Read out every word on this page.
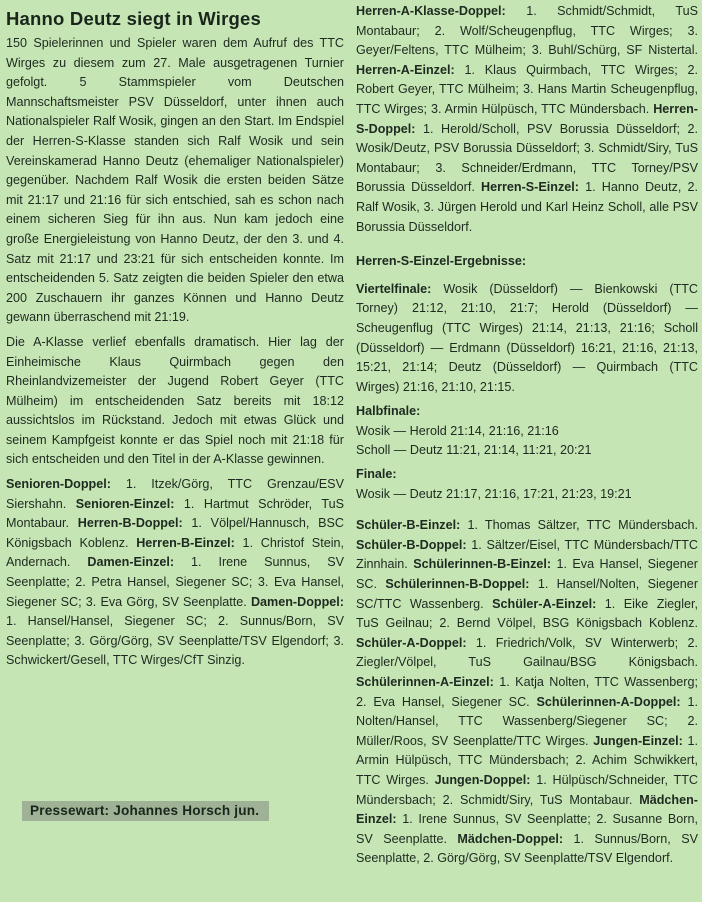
Hanno Deutz siegt in Wirges

150 Spielerinnen und Spieler waren dem Aufruf des TTC Wirges zu diesem zum 27. Male ausgetragenen Turnier gefolgt. 5 Stammspieler vom Deutschen Mannschaftsmeister PSV Düsseldorf, unter ihnen auch Nationalspieler Ralf Wosik, gingen an den Start. Im Endspiel der Herren-S-Klasse standen sich Ralf Wosik und sein Vereinskamerad Hanno Deutz (ehemaliger Nationalspieler) gegenüber. Nachdem Ralf Wosik die ersten beiden Sätze mit 21:17 und 21:16 für sich entschied, sah es schon nach einem sicheren Sieg für ihn aus. Nun kam jedoch eine große Energieleistung von Hanno Deutz, der den 3. und 4. Satz mit 21:17 und 23:21 für sich entscheiden konnte. Im entscheidenden 5. Satz zeigten die beiden Spieler den etwa 200 Zuschauern ihr ganzes Können und Hanno Deutz gewann überraschend mit 21:19.

Die A-Klasse verlief ebenfalls dramatisch. Hier lag der Einheimische Klaus Quirmbach gegen den Rheinlandvizemeister der Jugend Robert Geyer (TTC Mülheim) im entscheidenden Satz bereits mit 18:12 aussichtslos im Rückstand. Jedoch mit etwas Glück und seinem Kampfgeist konnte er das Spiel noch mit 21:18 für sich entscheiden und den Titel in der A-Klasse gewinnen.

Senioren-Doppel: 1. Itzek/Görg, TTC Grenzau/ESV Siershahn. Senioren-Einzel: 1. Hartmut Schröder, TuS Montabaur. Herren-B-Doppel: 1. Völpel/Hannusch, BSC Königsbach Koblenz. Herren-B-Einzel: 1. Christof Stein, Andernach. Damen-Einzel: 1. Irene Sunnus, SV Seenplatte; 2. Petra Hansel, Siegener SC; 3. Eva Hansel, Siegener SC; 3. Eva Görg, SV Seenplatte. Damen-Doppel: 1. Hansel/Hansel, Siegener SC; 2. Sunnus/Born, SV Seenplatte; 3. Görg/Görg, SV Seenplatte/TSV Elgendorf; 3. Schwickert/Gesell, TTC Wirges/CfT Sinzig.

Pressewart: Johannes Horsch jun.

Herren-A-Klasse-Doppel: 1. Schmidt/Schmidt, TuS Montabaur; 2. Wolf/Scheugenpflug, TTC Wirges; 3. Geyer/Feltens, TTC Mülheim; 3. Buhl/Schürg, SF Nistertal. Herren-A-Einzel: 1. Klaus Quirmbach, TTC Wirges; 2. Robert Geyer, TTC Mülheim; 3. Hans Martin Scheugenpflug, TTC Wirges; 3. Armin Hülpüsch, TTC Mündersbach. Herren-S-Doppel: 1. Herold/Scholl, PSV Borussia Düsseldorf; 2. Wosik/Deutz, PSV Borussia Düsseldorf; 3. Schmidt/Siry, TuS Montabaur; 3. Schneider/Erdmann, TTC Torney/PSV Borussia Düsseldorf. Herren-S-Einzel: 1. Hanno Deutz, 2. Ralf Wosik, 3. Jürgen Herold und Karl Heinz Scholl, alle PSV Borussia Düsseldorf.

Herren-S-Einzel-Ergebnisse:

Viertelfinale: Wosik (Düsseldorf) — Bienkowski (TTC Torney) 21:12, 21:10, 21:7; Herold (Düsseldorf) — Scheugenflug (TTC Wirges) 21:14, 21:13, 21:16; Scholl (Düsseldorf) — Erdmann (Düsseldorf) 16:21, 21:16, 21:13, 15:21, 21:14; Deutz (Düsseldorf) — Quirmbach (TTC Wirges) 21:16, 21:10, 21:15.

Halbfinale:
Wosik — Herold 21:14, 21:16, 21:16
Scholl — Deutz 11:21, 21:14, 11:21, 20:21
Finale:
Wosik — Deutz 21:17, 21:16, 17:21, 21:23, 19:21

Schüler-B-Einzel: 1. Thomas Sältzer, TTC Mündersbach. Schüler-B-Doppel: 1. Sältzer/Eisel, TTC Mündersbach/TTC Zinnhain. Schülerinnen-B-Einzel: 1. Eva Hansel, Siegener SC. Schülerinnen-B-Doppel: 1. Hansel/Nolten, Siegener SC/TTC Wassenberg. Schüler-A-Einzel: 1. Eike Ziegler, TuS Geilnau; 2. Bernd Völpel, BSG Königsbach Koblenz. Schüler-A-Doppel: 1. Friedrich/Volk, SV Winterwerb; 2. Ziegler/Völpel, TuS Gailnau/BSG Königsbach. Schülerinnen-A-Einzel: 1. Katja Nolten, TTC Wassenberg; 2. Eva Hansel, Siegener SC. Schülerinnen-A-Doppel: 1. Nolten/Hansel, TTC Wassenberg/Siegener SC; 2. Müller/Roos, SV Seenplatte/TTC Wirges. Jungen-Einzel: 1. Armin Hülpüsch, TTC Mündersbach; 2. Achim Schwikkert, TTC Wirges. Jungen-Doppel: 1. Hülpüsch/Schneider, TTC Mündersbach; 2. Schmidt/Siry, TuS Montabaur. Mädchen-Einzel: 1. Irene Sunnus, SV Seenplatte; 2. Susanne Born, SV Seenplatte. Mädchen-Doppel: 1. Sunnus/Born, SV Seenplatte, 2. Görg/Görg, SV Seenplatte/TSV Elgendorf.
